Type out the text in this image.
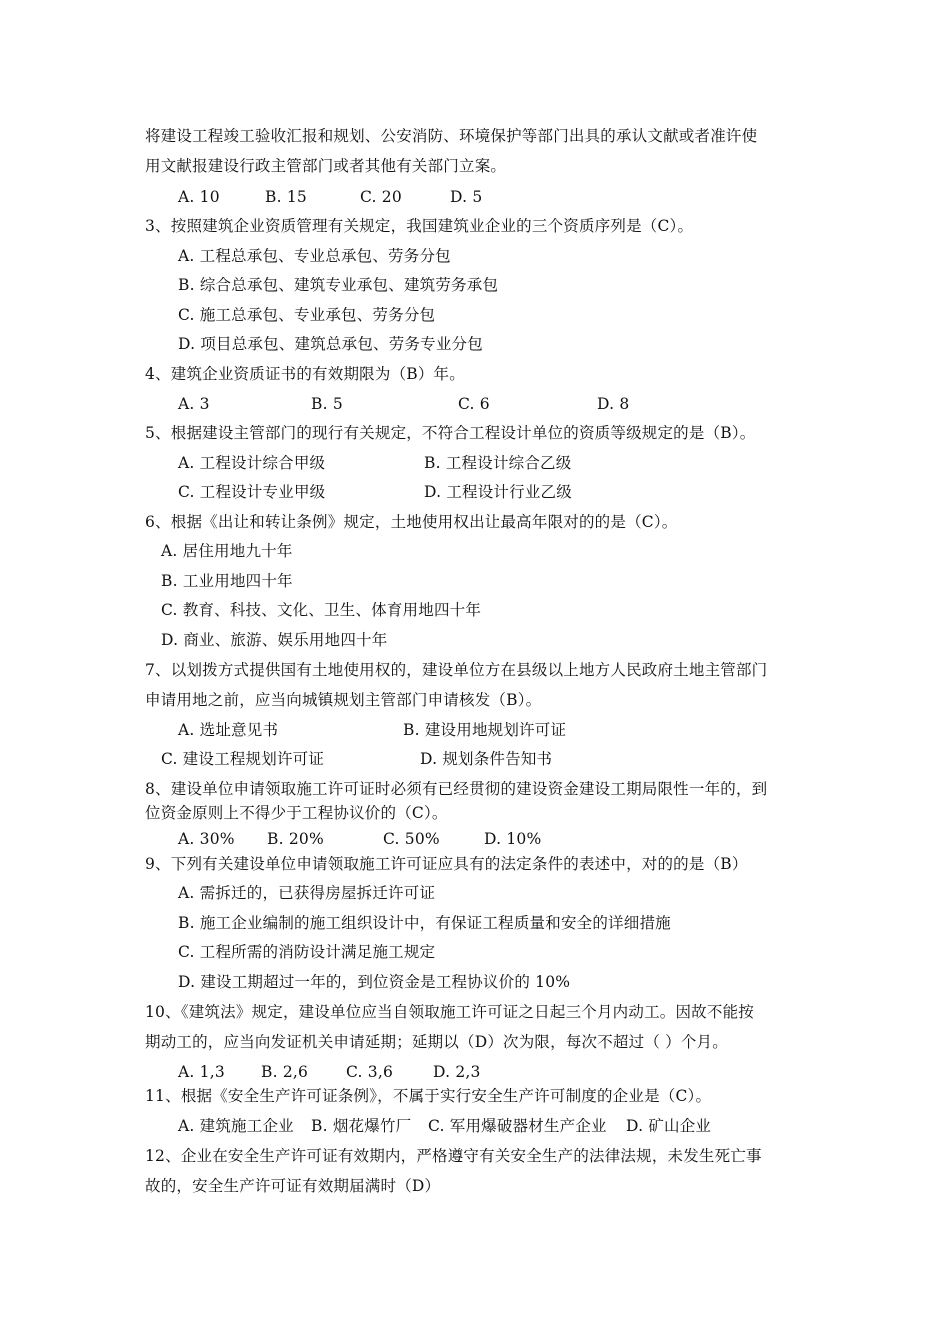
将建设工程竣工验收汇报和规划、公安消防、环境保护等部门出具的承认文献或者准许使
用文献报建设行政主管部门或者其他有关部门立案。
A. 10	B. 15	C. 20	D. 5
3、按照建筑企业资质管理有关规定，我国建筑业企业的三个资质序列是（C）。
A. 工程总承包、专业总承包、劳务分包
B. 综合总承包、建筑专业承包、建筑劳务承包
C. 施工总承包、专业承包、劳务分包
D. 项目总承包、建筑总承包、劳务专业分包
4、建筑企业资质证书的有效期限为（B）年。
A. 3	B. 5	C. 6	D. 8
5、根据建设主管部门的现行有关规定，不符合工程设计单位的资质等级规定的是（B）。
A. 工程设计综合甲级	B. 工程设计综合乙级
C. 工程设计专业甲级	D. 工程设计行业乙级
6、根据《出让和转让条例》规定，土地使用权出让最高年限对的的是（C）。
A. 居住用地九十年
B. 工业用地四十年
C. 教育、科技、文化、卫生、体育用地四十年
D. 商业、旅游、娱乐用地四十年
7、以划拨方式提供国有土地使用权的，建设单位方在县级以上地方人民政府土地主管部门
申请用地之前，应当向城镇规划主管部门申请核发（B）。
A. 选址意见书	B. 建设用地规划许可证
C. 建设工程规划许可证	D. 规划条件告知书
8、建设单位申请领取施工许可证时必须有已经贯彻的建设资金建设工期局限性一年的，到
位资金原则上不得少于工程协议价的（C）。
A. 30% B. 20%	C. 50%	D. 10%
9、下列有关建设单位申请领取施工许可证应具有的法定条件的表述中，对的的是（B）
A. 需拆迁的，已获得房屋拆迁许可证
B. 施工企业编制的施工组织设计中，有保证工程质量和安全的详细措施
C. 工程所需的消防设计满足施工规定
D. 建设工期超过一年的，到位资金是工程协议价的 10%
10、《建筑法》规定，建设单位应当自领取施工许可证之日起三个月内动工。因故不能按
期动工的，应当向发证机关申请延期；延期以（D）次为限，每次不超过（ ）个月。
A. 1,3 B. 2,6 C. 3,6	D. 2,3
11、根据《安全生产许可证条例》，不属于实行安全生产许可制度的企业是（C）。
A. 建筑施工企业 B. 烟花爆竹厂 C. 军用爆破器材生产企业 D. 矿山企业
12、企业在安全生产许可证有效期内，严格遵守有关安全生产的法律法规，未发生死亡事
故的，安全生产许可证有效期届满时（D）
